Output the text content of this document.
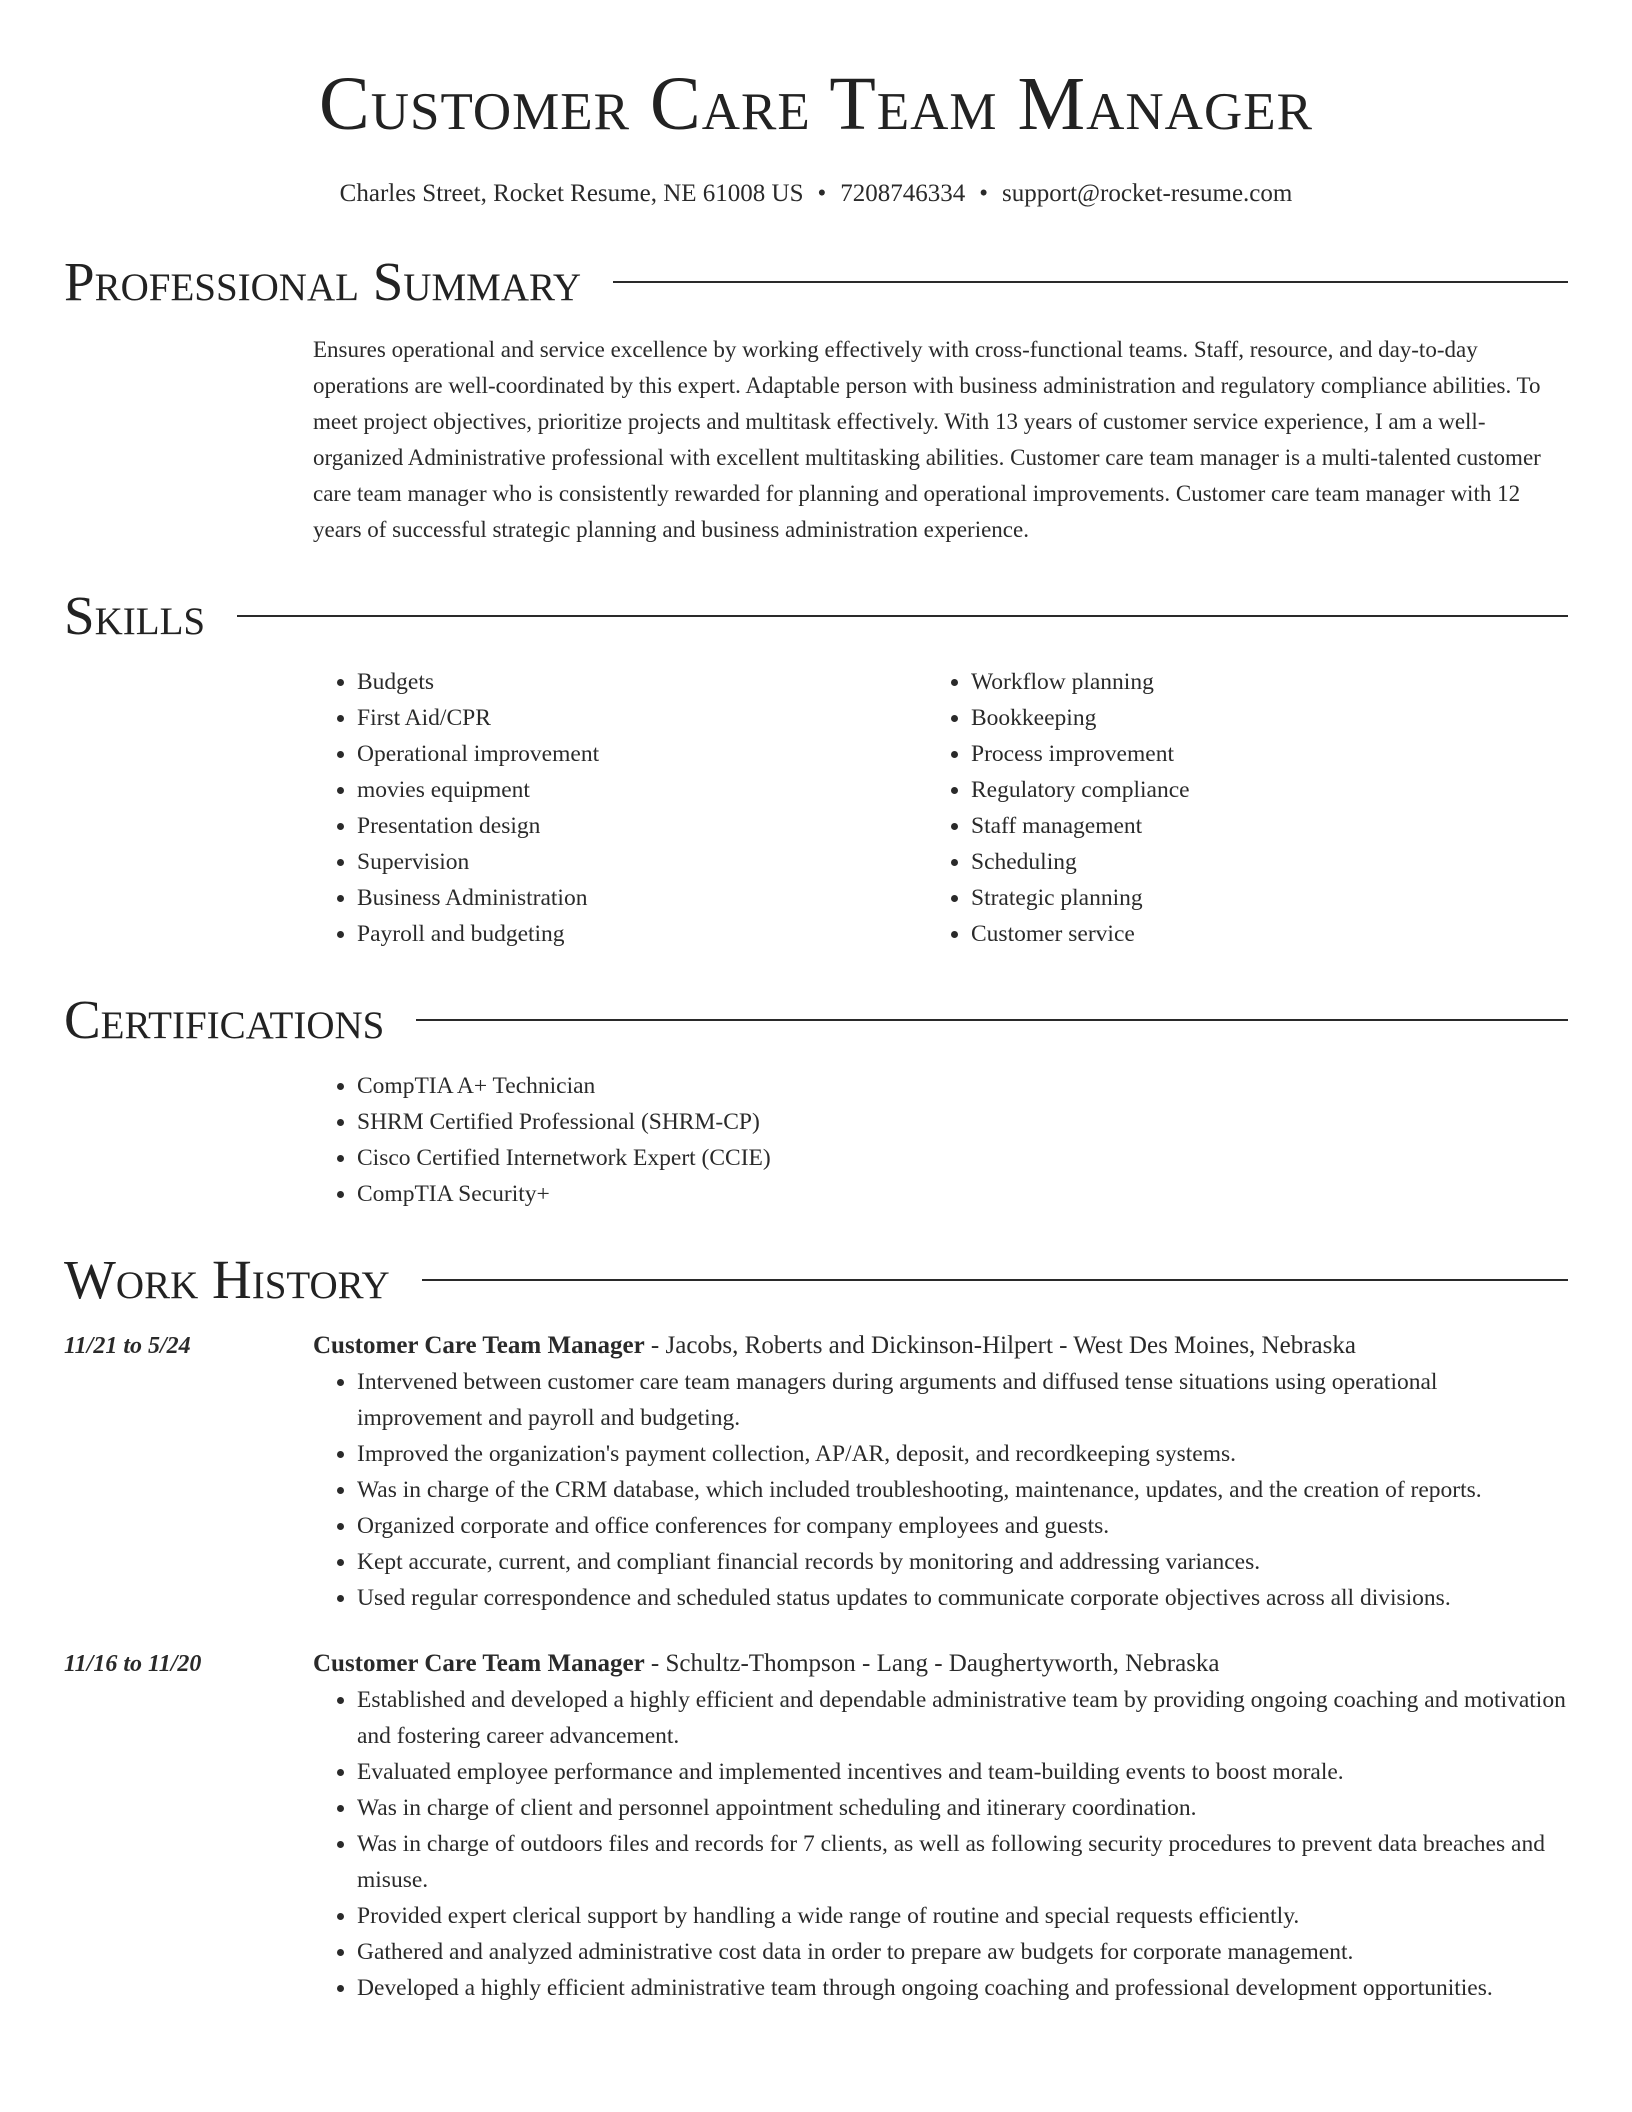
Customer Care Team Manager
Charles Street, Rocket Resume, NE 61008 US • 7208746334 • support@rocket-resume.com
Professional Summary
Ensures operational and service excellence by working effectively with cross-functional teams. Staff, resource, and day-to-day operations are well-coordinated by this expert. Adaptable person with business administration and regulatory compliance abilities. To meet project objectives, prioritize projects and multitask effectively. With 13 years of customer service experience, I am a well-organized Administrative professional with excellent multitasking abilities. Customer care team manager is a multi-talented customer care team manager who is consistently rewarded for planning and operational improvements. Customer care team manager with 12 years of successful strategic planning and business administration experience.
Skills
• Budgets
• First Aid/CPR
• Operational improvement
• movies equipment
• Presentation design
• Supervision
• Business Administration
• Payroll and budgeting
• Workflow planning
• Bookkeeping
• Process improvement
• Regulatory compliance
• Staff management
• Scheduling
• Strategic planning
• Customer service
Certifications
• CompTIA A+ Technician
• SHRM Certified Professional (SHRM-CP)
• Cisco Certified Internetwork Expert (CCIE)
• CompTIA Security+
Work History
11/21 to 5/24	Customer Care Team Manager - Jacobs, Roberts and Dickinson-Hilpert - West Des Moines, Nebraska
• Intervened between customer care team managers during arguments and diffused tense situations using operational improvement and payroll and budgeting.
• Improved the organization's payment collection, AP/AR, deposit, and recordkeeping systems.
• Was in charge of the CRM database, which included troubleshooting, maintenance, updates, and the creation of reports.
• Organized corporate and office conferences for company employees and guests.
• Kept accurate, current, and compliant financial records by monitoring and addressing variances.
• Used regular correspondence and scheduled status updates to communicate corporate objectives across all divisions.
11/16 to 11/20	Customer Care Team Manager - Schultz-Thompson - Lang - Daughertyworth, Nebraska
• Established and developed a highly efficient and dependable administrative team by providing ongoing coaching and motivation and fostering career advancement.
• Evaluated employee performance and implemented incentives and team-building events to boost morale.
• Was in charge of client and personnel appointment scheduling and itinerary coordination.
• Was in charge of outdoors files and records for 7 clients, as well as following security procedures to prevent data breaches and misuse.
• Provided expert clerical support by handling a wide range of routine and special requests efficiently.
• Gathered and analyzed administrative cost data in order to prepare aw budgets for corporate management.
• Developed a highly efficient administrative team through ongoing coaching and professional development opportunities.
